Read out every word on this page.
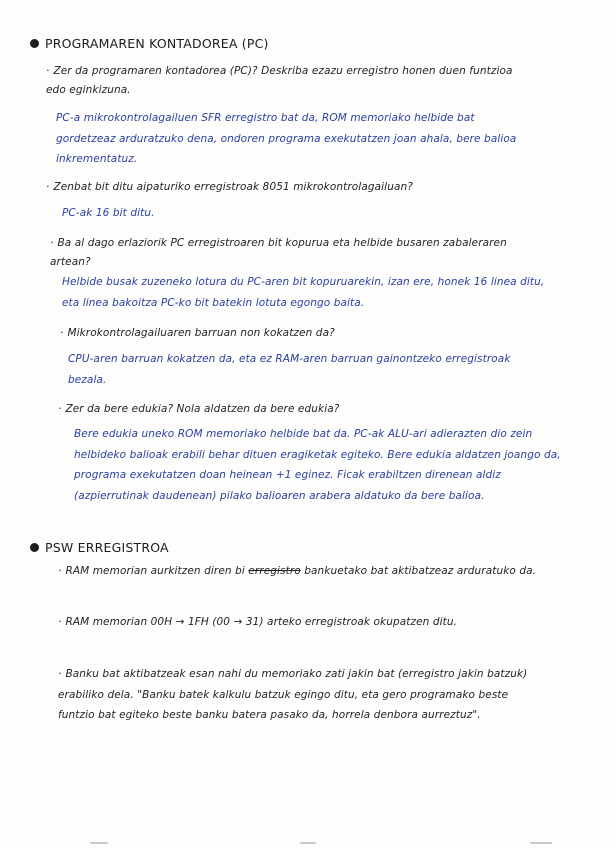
PROGRAMAREN KONTADOREA (PC)

· Zer da programaren kontadorea (PC)? Deskriba ezazu erregistro honen duen funtzioa edo eginkizuna.

PC-a mikrokontrolagailuen SFR erregistro bat da, ROM memoriako helbide bat gordetzeaz arduratzuko dena, ondoren programa exekutatzen joan ahala, bere balioa inkrementatuz.

· Zenbat bit ditu aipaturiko erregistroak 8051 mikrokontrolagailuan?

PC-ak 16 bit ditu.

· Ba al dago erlaziorik PC erregistroaren bit kopurua eta helbide busaren zabaleraren artean?

Helbide busak zuzeneko lotura du PC-aren bit kopuruarekin, izan ere, honek 16 linea ditu, eta linea bakoitza PC-ko bit batekin lotuta egongo baita.

· Mikrokontrolagailuaren barruan non kokatzen da?

CPU-aren barruan kokatzen da, eta ez RAM-aren barruan gainontzeko erregistroak bezala.

· Zer da bere edukia? Nola aldatzen da bere edukia?

Bere edukia uneko ROM memoriako helbide bat da. PC-ak ALU-ari adierazten dio zein helbideko balioak erabili behar dituen eragiketak egiteko. Bere edukia aldatzen joango da, programa exekutatzen doan heinean +1 eginez. Ficak erabiltzen direnean aldiz (azpierrutinak daudenean) pilako balioaren arabera aldatuko da bere balioa.

PSW ERREGISTROA

· RAM memorian aurkitzen diren bi erregistro bankuetako bat aktibatzeaz arduratuko da.

· RAM memorian 00H → 1FH (00 → 31) arteko erregistroak okupatzen ditu.

· Banku bat aktibatzeak esan nahi du memoriako zati jakin bat (erregistro jakin batzuk) erabiliko dela. "Banku batek kalkulu batzuk egingo ditu, eta gero programako beste funtzio bat egiteko beste banku batera pasako da, horrela denbora aurreztuz".
